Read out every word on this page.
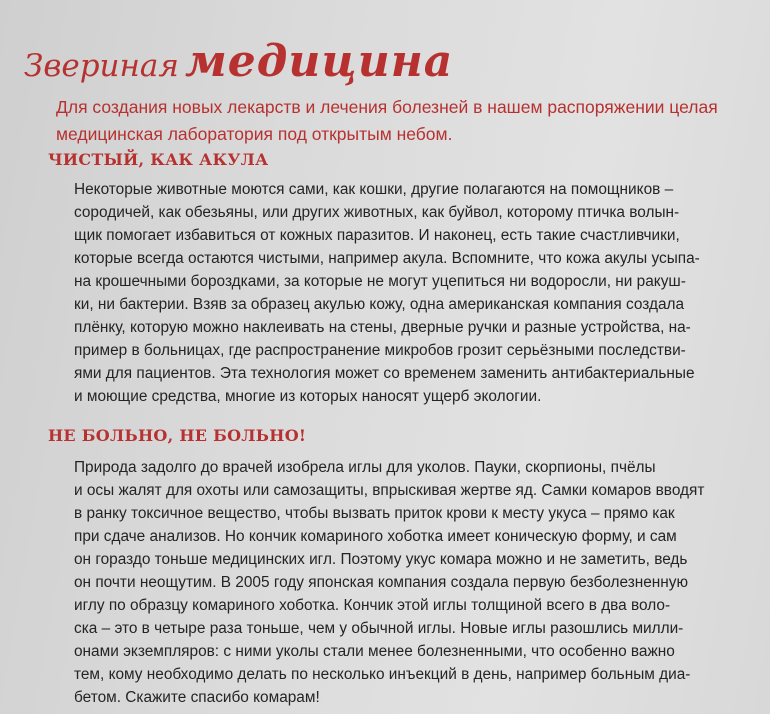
Звериная медицина
Для создания новых лекарств и лечения болезней в нашем распоряжении целая медицинская лаборатория под открытым небом.
ЧИСТЫЙ, КАК АКУЛА
Некоторые животные моются сами, как кошки, другие полагаются на помощников –
сородичей, как обезьяны, или других животных, как буйвол, которому птичка волын-
щик помогает избавиться от кожных паразитов. И наконец, есть такие счастливчики,
которые всегда остаются чистыми, например акула. Вспомните, что кожа акулы усыпа-
на крошечными бороздками, за которые не могут уцепиться ни водоросли, ни ракуш-
ки, ни бактерии. Взяв за образец акулью кожу, одна американская компания создала
плёнку, которую можно наклеивать на стены, дверные ручки и разные устройства, на-
пример в больницах, где распространение микробов грозит серьёзными последстви-
ями для пациентов. Эта технология может со временем заменить антибактериальные
и моющие средства, многие из которых наносят ущерб экологии.
НЕ БОЛЬНО, НЕ БОЛЬНО!
Природа задолго до врачей изобрела иглы для уколов. Пауки, скорпионы, пчёлы
и осы жалят для охоты или самозащиты, впрыскивая жертве яд. Самки комаров вводят
в ранку токсичное вещество, чтобы вызвать приток крови к месту укуса – прямо как
при сдаче анализов. Но кончик комариного хоботка имеет коническую форму, и сам
он гораздо тоньше медицинских игл. Поэтому укус комара можно и не заметить, ведь
он почти неощутим. В 2005 году японская компания создала первую безболезненную
иглу по образцу комариного хоботка. Кончик этой иглы толщиной всего в два воло-
ска – это в четыре раза тоньше, чем у обычной иглы. Новые иглы разошлись милли-
онами экземпляров: с ними уколы стали менее болезненными, что особенно важно
тем, кому необходимо делать по несколько инъекций в день, например больным диа-
бетом. Скажите спасибо комарам!
